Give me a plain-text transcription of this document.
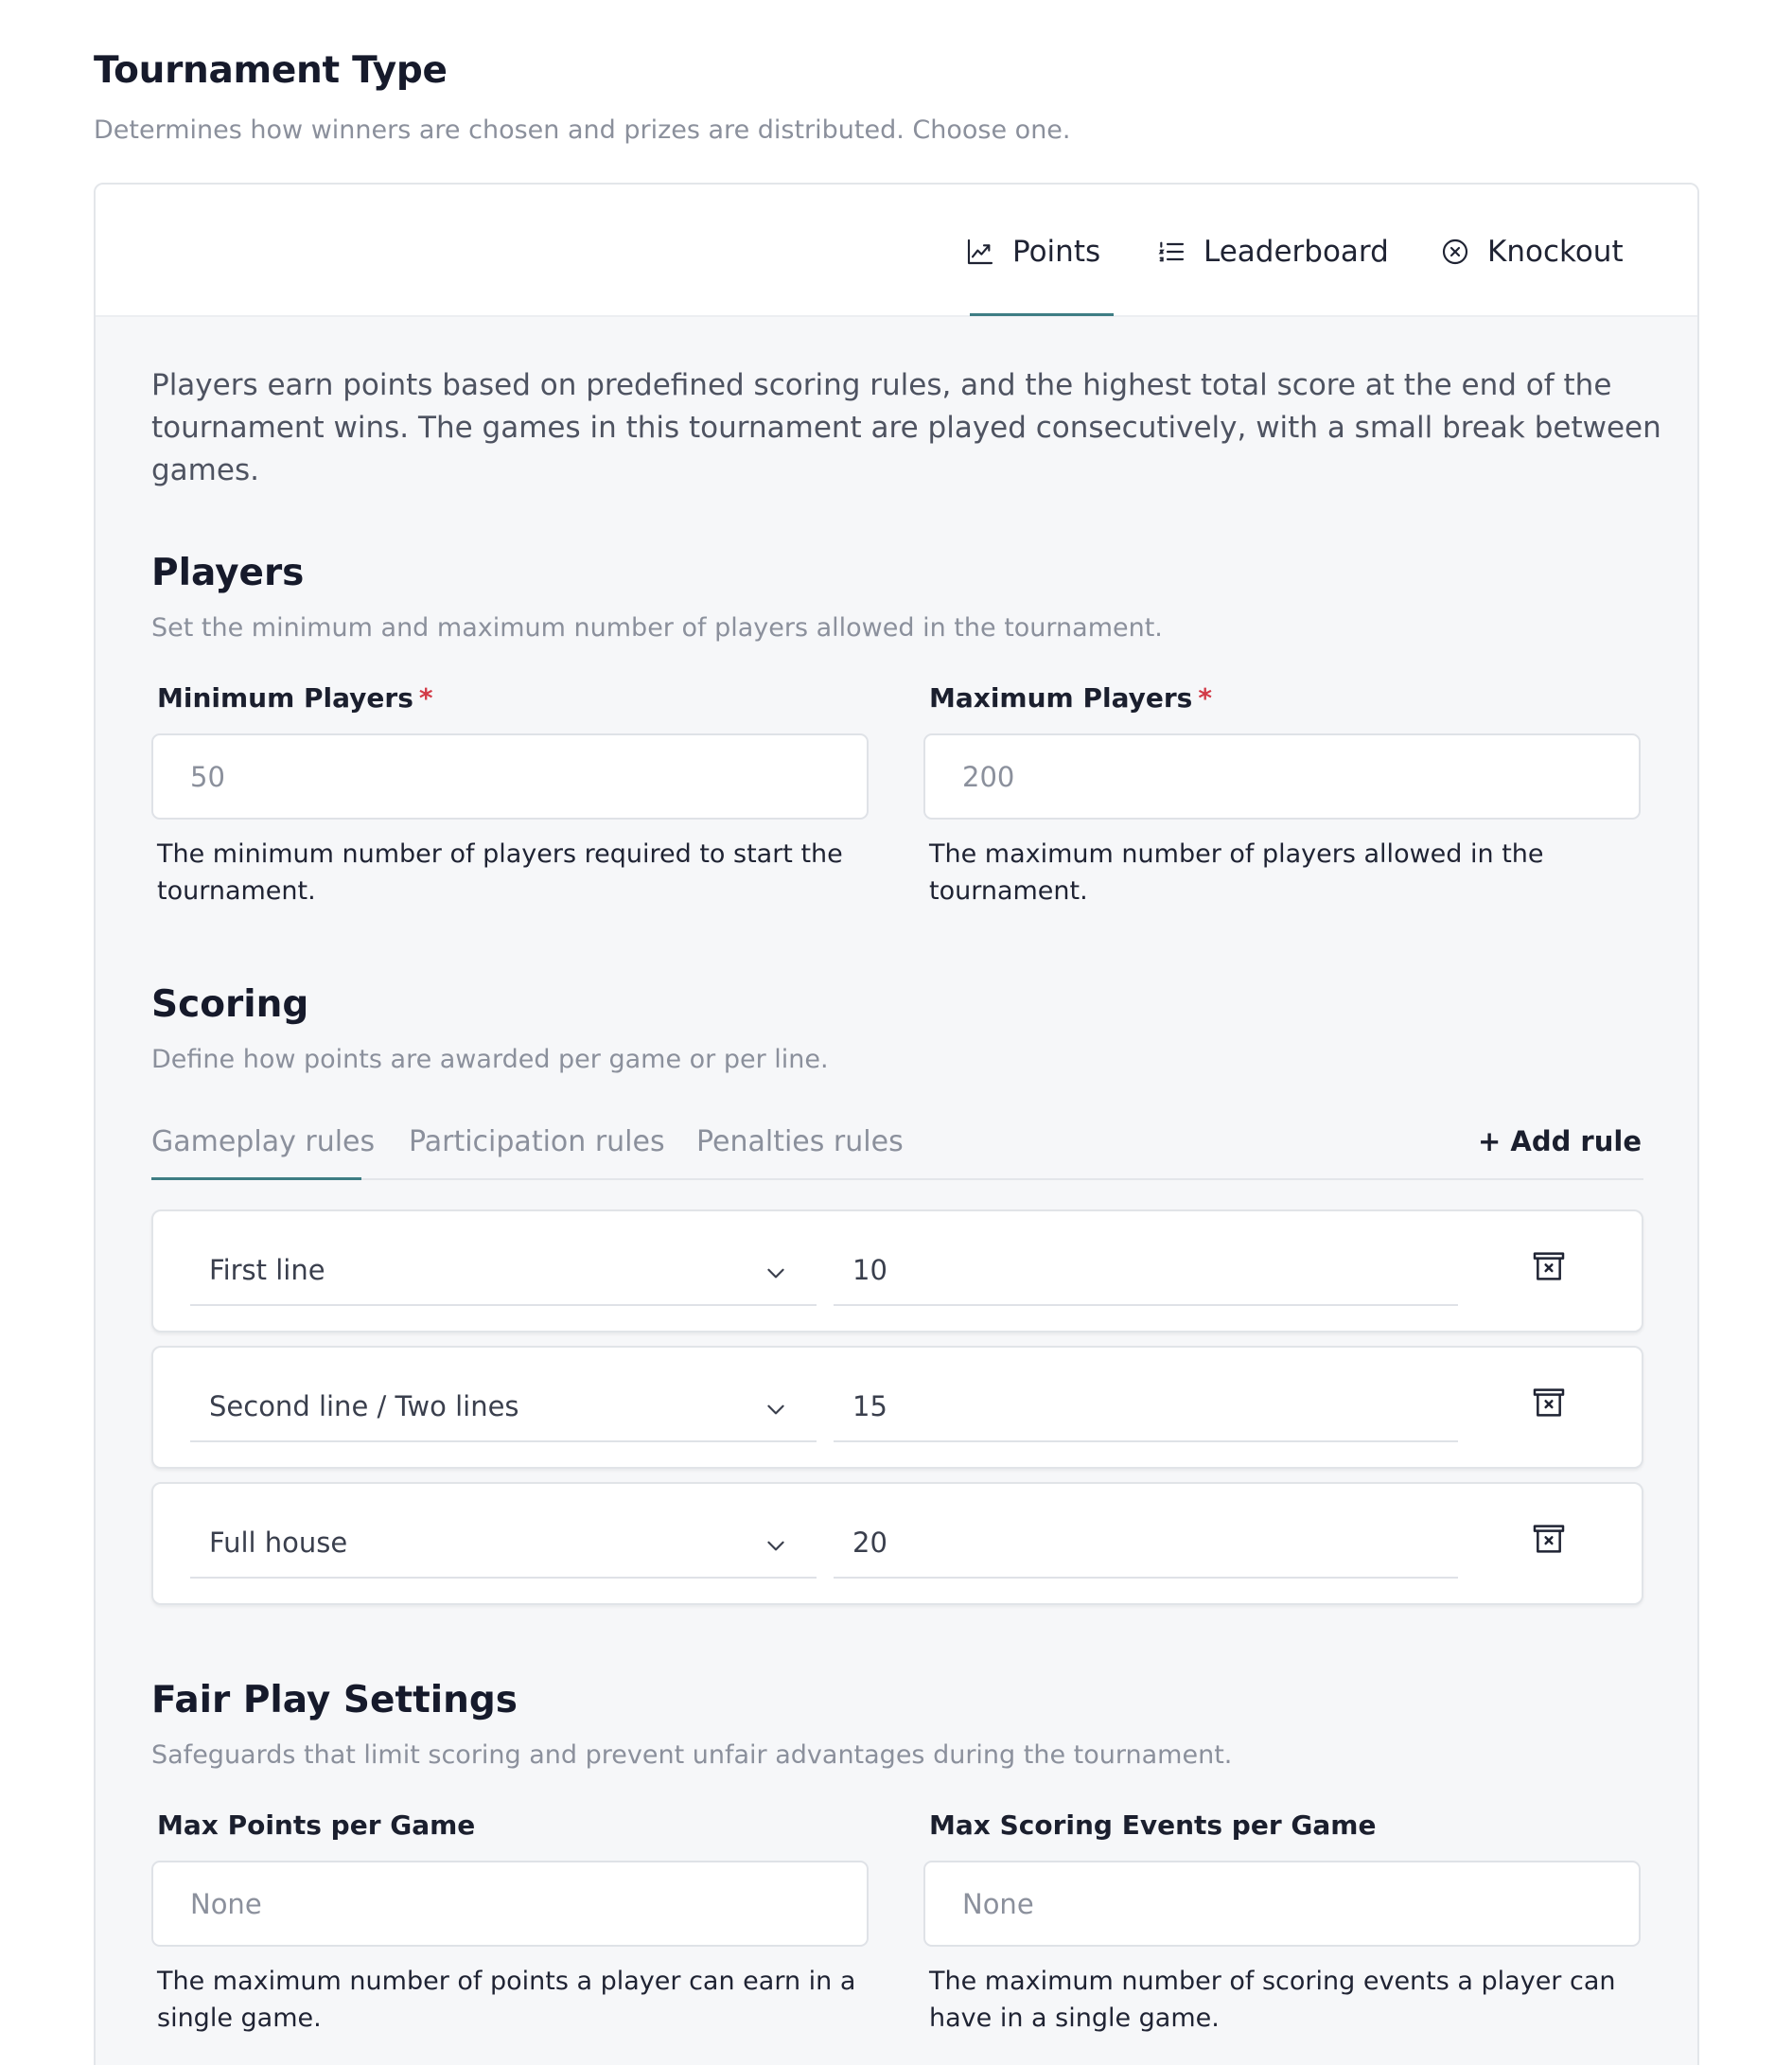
Tournament Type
Determines how winners are chosen and prizes are distributed. Choose one.
Points	Leaderboard	Knockout
Players earn points based on predefined scoring rules, and the highest total score at the end of the tournament wins. The games in this tournament are played consecutively, with a small break between games.
Players
Set the minimum and maximum number of players allowed in the tournament.
Minimum Players *
50
The minimum number of players required to start the tournament.
Maximum Players *
200
The maximum number of players allowed in the tournament.
Scoring
Define how points are awarded per game or per line.
Gameplay rules Participation rules Penalties rules	+ Add rule
First line
10
Second line / Two lines
15
Full house
20
Fair Play Settings
Safeguards that limit scoring and prevent unfair advantages during the tournament.
Max Points per Game
None
The maximum number of points a player can earn in a single game.
Max Scoring Events per Game
None
The maximum number of scoring events a player can have in a single game.
